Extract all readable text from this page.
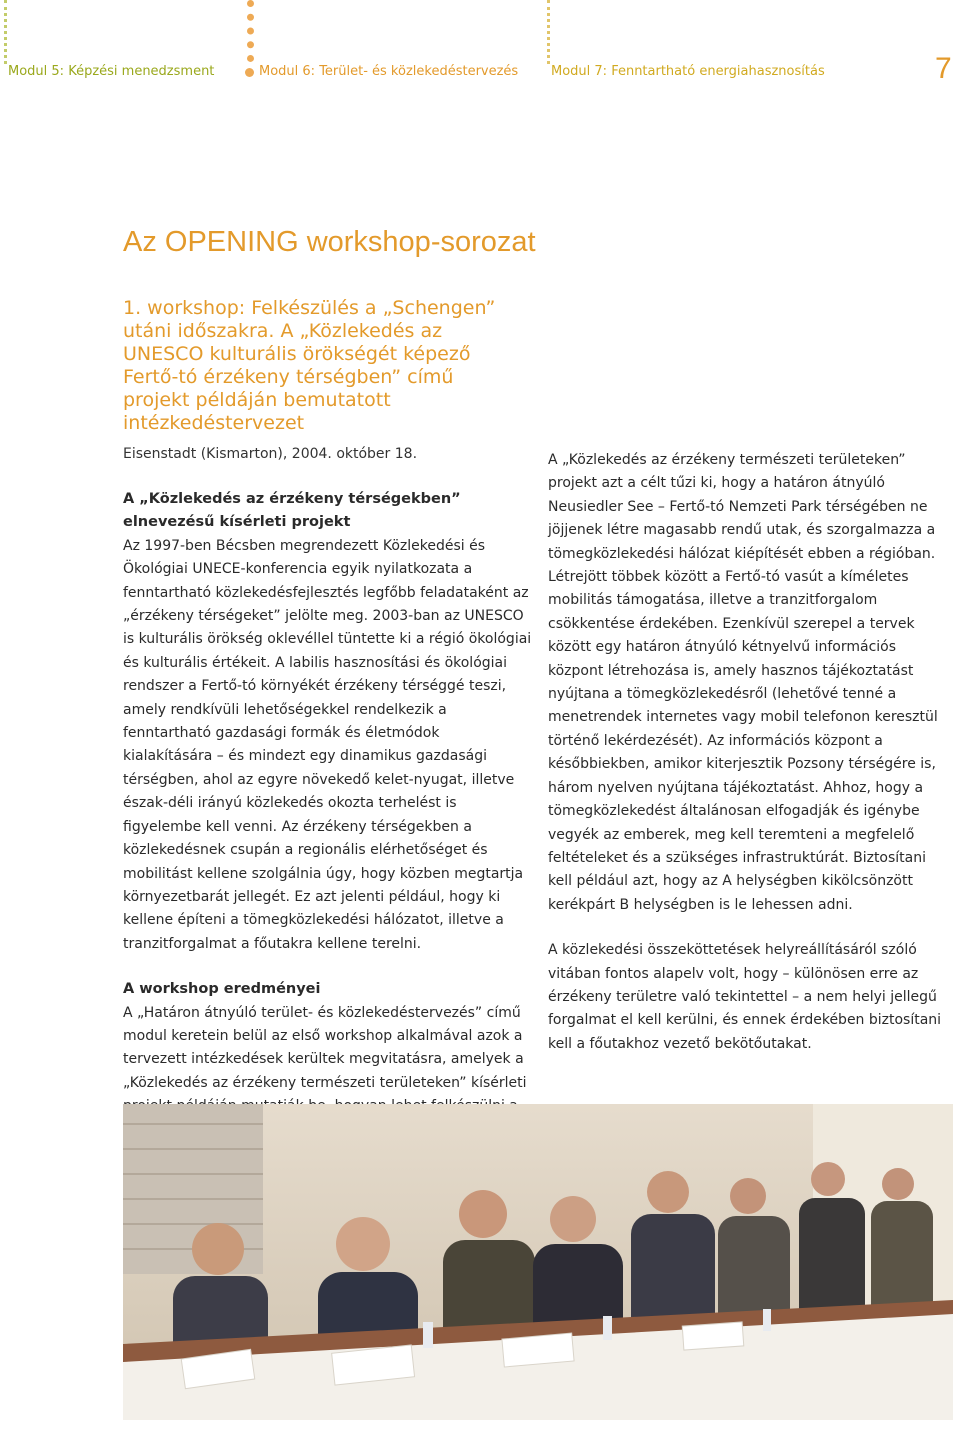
Modul 5: Képzési menedzsment	Modul 6: Terület- és közlekedéstervezés	Modul 7: Fenntartható energiahasznosítás	7
Az OPENING workshop-sorozat
1. workshop: Felkészülés a „Schengen” utáni időszakra. A „Közlekedés az UNESCO kulturális örökségét képező Fertő-tó érzékeny térségben” című projekt példáján bemutatott intézkedéstervezet
Eisenstadt (Kismarton), 2004. október 18.
A „Közlekedés az érzékeny térségekben” elnevezésű kísérleti projekt

Az 1997-ben Bécsben megrendezett Közlekedési és Ökológiai UNECE-konferencia egyik nyilatkozata a fenntartható közlekedésfejlesztés legfőbb feladataként az „érzékeny térségeket” jelölte meg. 2003-ban az UNESCO is kulturális örökség oklevéllel tüntette ki a régió ökológiai és kulturális értékeit. A labilis hasznosítási és ökológiai rendszer a Fertő-tó környékét érzékeny térséggé teszi, amely rendkívüli lehetőségekkel rendelkezik a fenntartható gazdasági formák és életmódok kialakítására – és mindezt egy dinamikus gazdasági térségben, ahol az egyre növekedő kelet-nyugat, illetve észak-déli irányú közlekedés okozta terhelést is figyelembe kell venni. Az érzékeny térségekben a közlekedésnek csupán a regionális elérhetőséget és mobilitást kellene szolgálnia úgy, hogy közben megtartja környezetbarát jellegét. Ez azt jelenti például, hogy ki kellene építeni a tömegközlekedési hálózatot, illetve a tranzitforgalmat a főutakra kellene terelni.

A workshop eredményei

A „Határon átnyúló terület- és közlekedéstervezés” című modul keretein belül az első workshop alkalmával azok a tervezett intézkedések kerültek megvitatásra, amelyek a „Közlekedés az érzékeny természeti területeken” kísérleti

A „Közlekedés az érzékeny természeti területeken” projekt azt a célt tűzi ki, hogy a határon átnyúló Neusiedler See – Fertő-tó Nemzeti Park térségében ne jöjjenek létre magasabb rendű utak, és szorgalmazza a tömegközlekedési hálózat kiépítését ebben a régióban. Létrejött többek között a Fertő-tó vasút a kíméletes mobilitás támogatása, illetve a tranzitforgalom csökkentése érdekében. Ezenkívül szerepel a tervek között egy határon átnyúló kétnyelvű információs központ létrehozása is, amely hasznos tájékoztatást nyújtana a tömegközlekedésről (lehetővé tenné a menetrendek internetes vagy mobil telefonon keresztül történő lekérdezését). Az információs központ a későbbiekben, amikor kiterjesztik Pozsony térségére is, három nyelven nyújtana tájékoztatást. Ahhoz, hogy a tömegközlekedést általánosan elfogadják és igénybe vegyék az emberek, meg kell teremteni a megfelelő feltételeket és a szükséges infrastruktúrát. Biztosítani kell például azt, hogy az A helységben kikölcsönzött kerékpárt B helységben is le lehessen adni.

A közlekedési összeköttetések helyreállításáról szóló vitában fontos alapelv volt, hogy – különösen erre az érzékeny területre való tekintettel – a nem helyi jellegű forgalmat el kell kerülni, és ennek érdekében biztosítani kell a főutakhoz vezető bekötőutakat.
